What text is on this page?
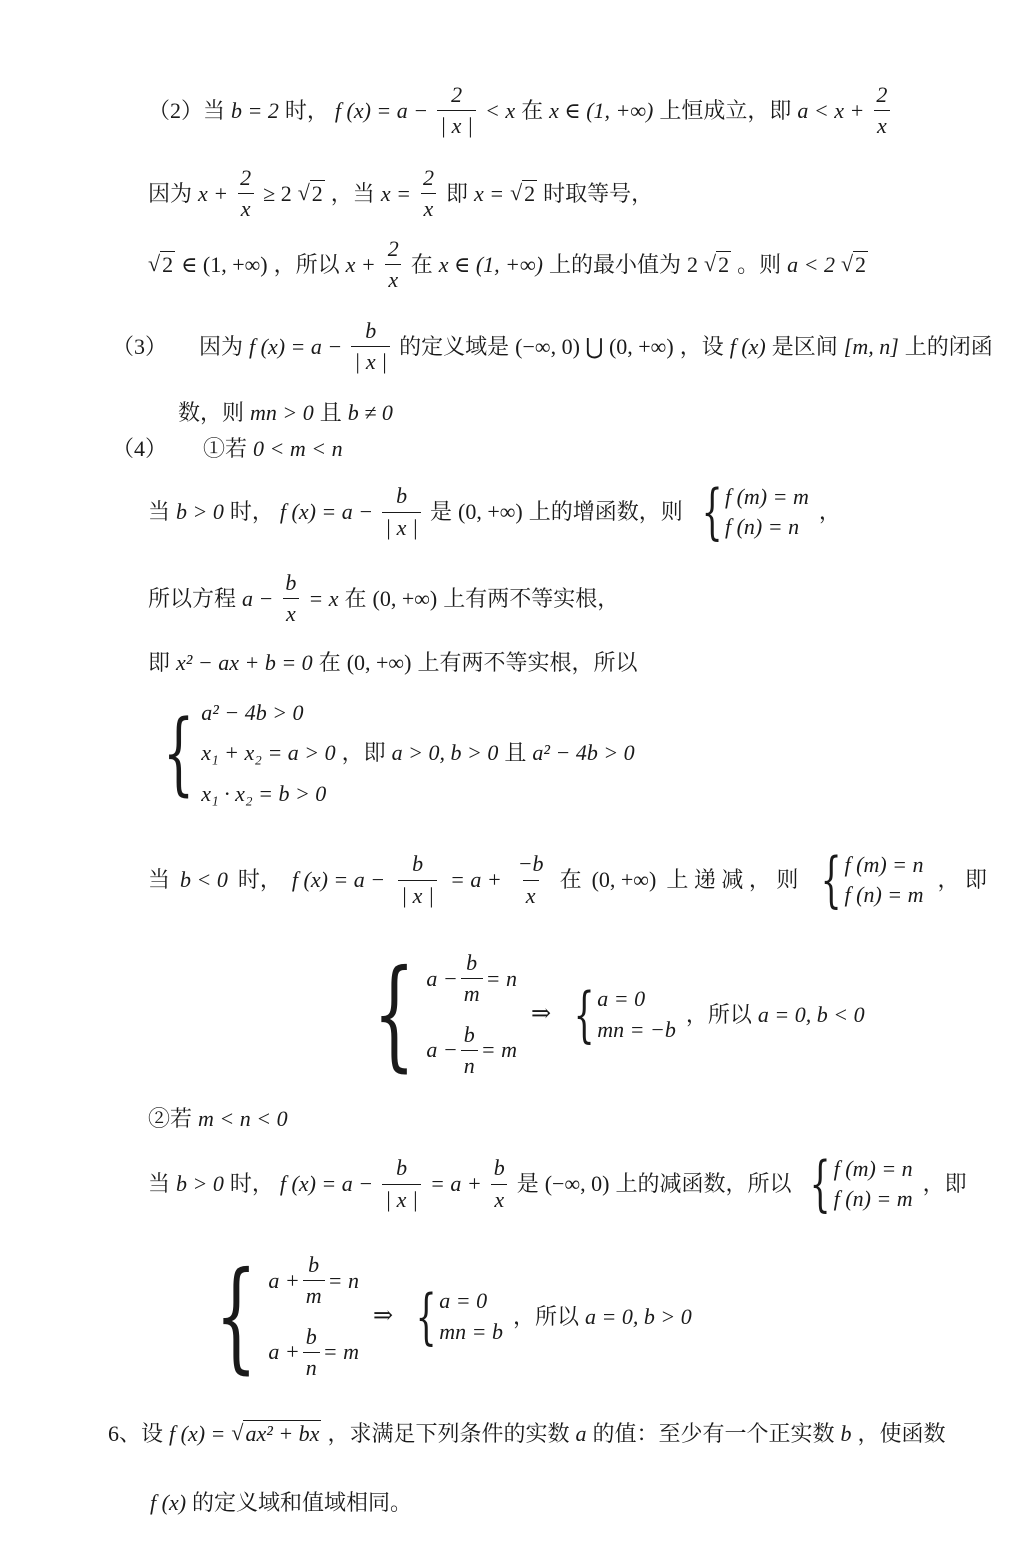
（2）当 b = 2 时， f $(x) = a - \frac{2}{| x |} < x$ 在 x ∈ (1, +∞) 上恒成立，即 $a < x + \frac{2}{x}$
因为 $x + \frac{2}{x} \ge 2$ √ 2 ，当 $x = \frac{2}{x}$ 即 x = √ 2 时取等号，
√ 2 ∈ (1, +∞) ，所以 $x + \frac{2}{x}$ 在 x ∈ (1, +∞) 上的最小值为 2 √ 2 。则 a < 2 √ 2
（3） 因为 f $(x) = a - \frac{b}{| x |}$ 的定义域是 (−∞, 0) ⋃ (0, +∞) ，设 f (x) 是区间 [m, n] 上的闭函
数，则 mn > 0 且 b ≠ 0
（4） ①若 0 < m < n
当 b > 0 时， f $(x) = a - \frac{b}{| x |}$ 是 (0, +∞) 上的增函数，则 { f (m) = m
f (n) = n
，
所以方程 $a - \frac{b}{x} = x$ 在 (0, +∞) 上有两不等实根，
即 x² − ax + b = 0 在 (0, +∞) 上有两不等实根，所以
{ a² − 4b > 0
x₁ + x₂ = a > 0 ，即 a > 0, b > 0 且 a² − 4b > 0
x₁ · x₂ = b > 0
当 b < 0 时， f $(x) = a - \frac{b}{| x |} = a + \frac{-b}{x}$ 在 (0, +∞) 上 递 减 ， 则 { f (m) = n
f (n) = m
， 即
{ $a - \frac{b}{m} = n$
$a - \frac{b}{n} = m$
⇒ { a = 0
mn = −b
，所以 a = 0, b < 0
②若 m < n < 0
当 b > 0 时， f $(x) = a - \frac{b}{| x |} = a + \frac{b}{x}$ 是 (−∞, 0) 上的减函数，所以 { f (m) = n
f (n) = m
，即
{ $a + \frac{b}{m} = n$
$a + \frac{b}{n} = m$
⇒ { a = 0
mn = b
，所以 a = 0, b > 0
6、设 f (x) = √ ax² + bx ，求满足下列条件的实数 a 的值：至少有一个正实数 b ，使函数
f (x) 的定义域和值域相同。
